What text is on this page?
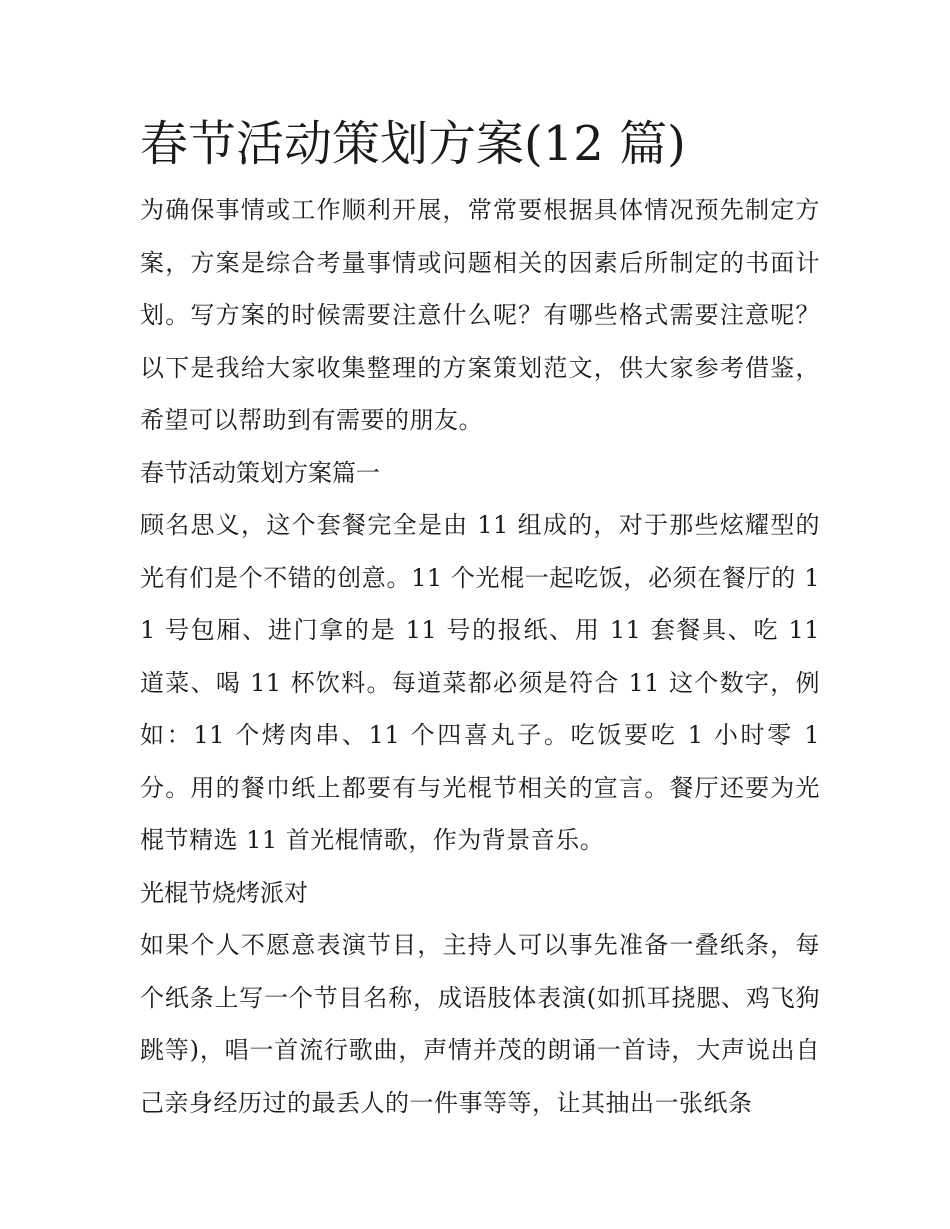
春节活动策划方案(12 篇)

为确保事情或工作顺利开展，常常要根据具体情况预先制定方案，方案是综合考量事情或问题相关的因素后所制定的书面计划。写方案的时候需要注意什么呢？有哪些格式需要注意呢？以下是我给大家收集整理的方案策划范文，供大家参考借鉴，希望可以帮助到有需要的朋友。

春节活动策划方案篇一

顾名思义，这个套餐完全是由 11 组成的，对于那些炫耀型的光有们是个不错的创意。11 个光棍一起吃饭，必须在餐厅的 11 号包厢、进门拿的是 11 号的报纸、用 11 套餐具、吃 11 道菜、喝 11 杯饮料。每道菜都必须是符合 11 这个数字，例如：11 个烤肉串、11 个四喜丸子。吃饭要吃 1 小时零 1 分。用的餐巾纸上都要有与光棍节相关的宣言。餐厅还要为光棍节精选 11 首光棍情歌，作为背景音乐。

光棍节烧烤派对

如果个人不愿意表演节目，主持人可以事先准备一叠纸条，每个纸条上写一个节目名称，成语肢体表演(如抓耳挠腮、鸡飞狗跳等)，唱一首流行歌曲，声情并茂的朗诵一首诗，大声说出自己亲身经历过的最丢人的一件事等等，让其抽出一张纸条
